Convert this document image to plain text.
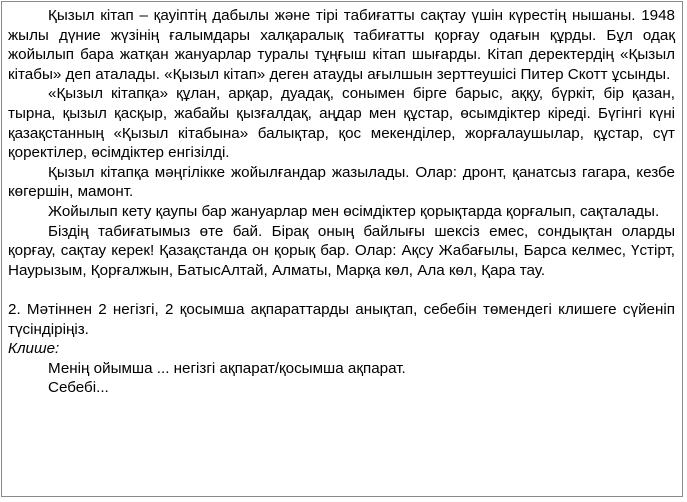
Қызыл кітап – қауіптің дабылы және тірі табиғатты сақтау үшін күрестің нышаны. 1948 жылы дүние жүзінің ғалымдары халқаралық табиғатты қорғау одағын құрды. Бұл одақ жойылып бара жатқан жануарлар туралы тұңғыш кітап шығарды. Кітап деректердің «Қызыл кітабы» деп аталады. «Қызыл кітап» деген атауды ағылшын зерттеушісі Питер Скотт ұсынды.

«Қызыл кітапқа» құлан, арқар, дуадақ, сонымен бірге барыс, аққу, бүркіт, бір қазан, тырна, қызыл қасқыр, жабайы қызғалдақ, аңдар мен құстар, өсымдіктер кіреді. Бүгінгі күні қазақстанның «Қызыл кітабына» балықтар, қос мекенділер, жорғалаушылар, құстар, сүт қоректілер, өсімдіктер енгізілді.

Қызыл кітапқа мәңгілікке жойылғандар жазылады. Олар: дронт, қанатсыз гагара, кезбе көгершін, мамонт.

Жойылып кету қаупы бар жануарлар мен өсімдіктер қорықтарда қорғалып, сақталады.

Біздің табиғатымыз өте бай. Бірақ оның байлығы шексіз емес, сондықтан оларды қорғау, сақтау керек! Қазақстанда он қорық бар. Олар: Ақсу Жабағылы, Барса келмес, Үстірт, Наурызым, Қорғалжын, БатысАлтай, Алматы, Марқа көл, Ала көл, Қара тау.

2. Мәтіннен 2 негізгі, 2 қосымша ақпараттарды анықтап, себебін төмендегі клишеге сүйеніп түсіндіріңіз.

Клише:

Менің ойымша ... негізгі ақпарат/қосымша ақпарат.

Себебі...
